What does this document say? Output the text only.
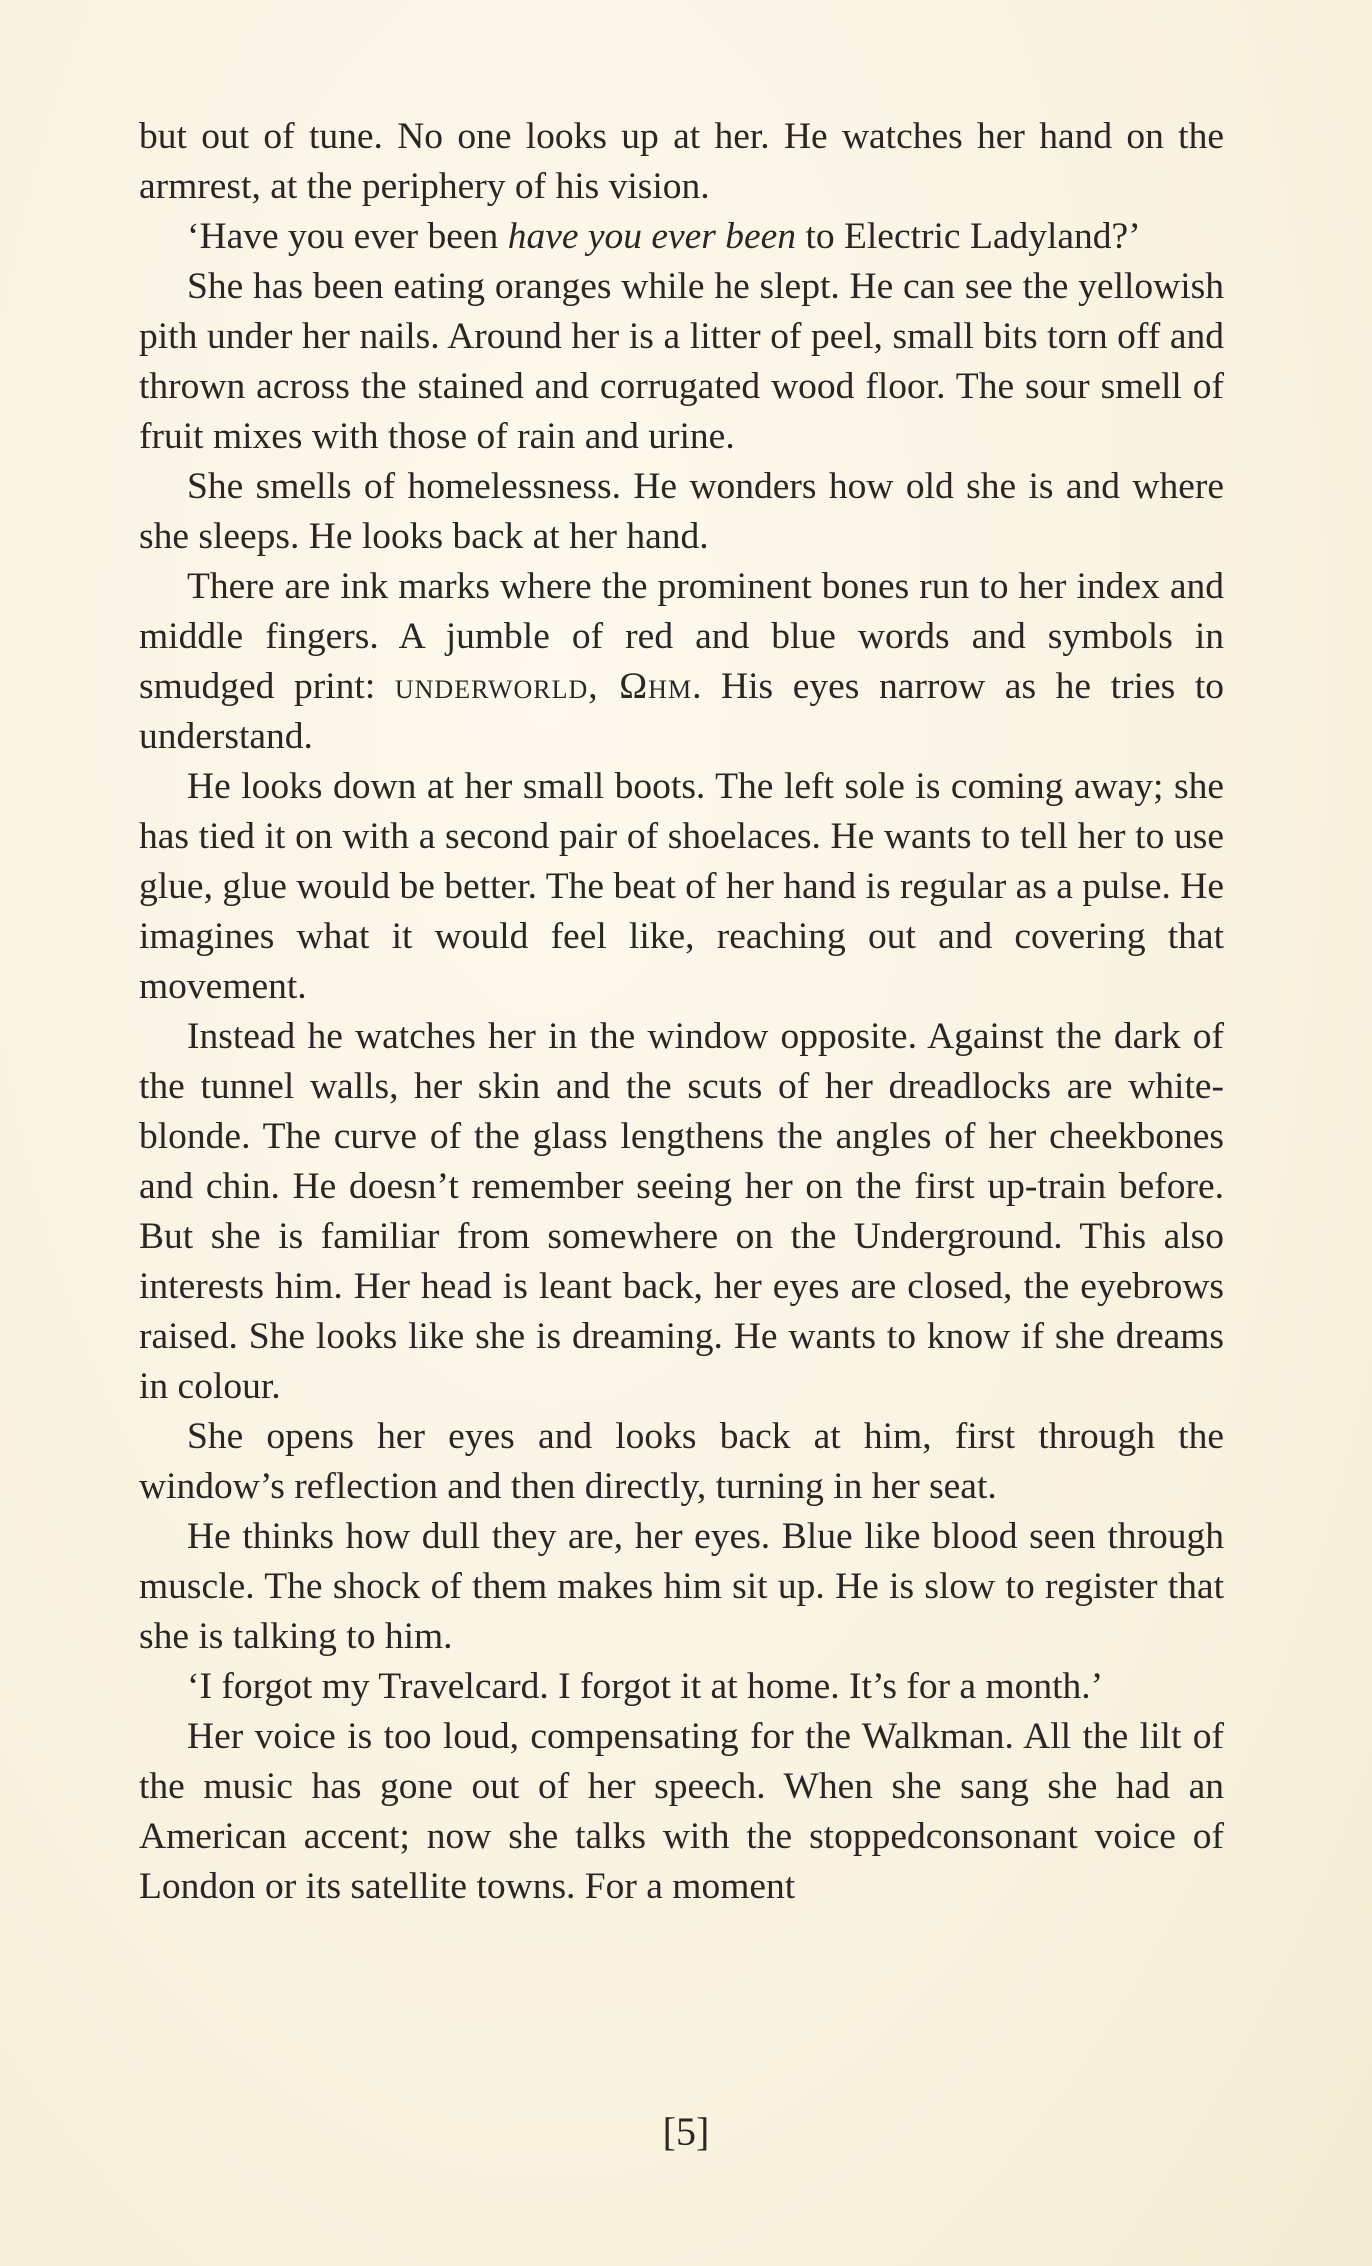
but out of tune. No one looks up at her. He watches her hand on the armrest, at the periphery of his vision.

‘Have you ever been have you ever been to Electric Ladyland?’

She has been eating oranges while he slept. He can see the yellowish pith under her nails. Around her is a litter of peel, small bits torn off and thrown across the stained and corrugated wood floor. The sour smell of fruit mixes with those of rain and urine.

She smells of homelessness. He wonders how old she is and where she sleeps. He looks back at her hand.

There are ink marks where the prominent bones run to her index and middle fingers. A jumble of red and blue words and symbols in smudged print: underworld, Ωhm. His eyes narrow as he tries to understand.

He looks down at her small boots. The left sole is coming away; she has tied it on with a second pair of shoelaces. He wants to tell her to use glue, glue would be better. The beat of her hand is regular as a pulse. He imagines what it would feel like, reaching out and covering that movement.

Instead he watches her in the window opposite. Against the dark of the tunnel walls, her skin and the scuts of her dreadlocks are white-blonde. The curve of the glass lengthens the angles of her cheekbones and chin. He doesn’t remember seeing her on the first up-train before. But she is familiar from somewhere on the Underground. This also interests him. Her head is leant back, her eyes are closed, the eyebrows raised. She looks like she is dreaming. He wants to know if she dreams in colour.

She opens her eyes and looks back at him, first through the window’s reflection and then directly, turning in her seat.

He thinks how dull they are, her eyes. Blue like blood seen through muscle. The shock of them makes him sit up. He is slow to register that she is talking to him.

‘I forgot my Travelcard. I forgot it at home. It’s for a month.’

Her voice is too loud, compensating for the Walkman. All the lilt of the music has gone out of her speech. When she sang she had an American accent; now she talks with the stoppedconsonant voice of London or its satellite towns. For a moment

[5]
